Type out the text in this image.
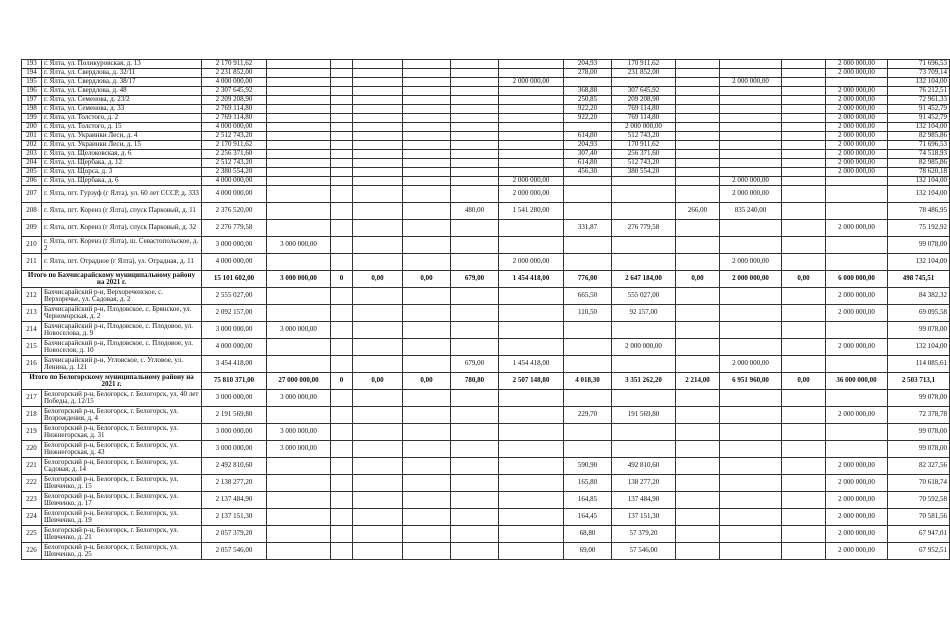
193	г. Ялта, ул. Поликуровская, д. 13	2 170 911,62							204,93	170 911,62				2 000 000,00	71 696,53
194	г. Ялта, ул. Свердлова, д. 32/11	2 231 852,00							278,00	231 852,00				2 000 000,00	73 709,14
195	г. Ялта, ул. Свердлова, д. 38/17	4 000 000,00						2 000 000,00				2 000 000,00			132 104,00
196	г. Ялта, ул. Свердлова, д. 48	2 307 645,92							368,88	307 645,92				2 000 000,00	76 212,51
197	г. Ялта, ул. Семенова, д. 23/2	2 209 208,90							250,85	209 208,90				2 000 000,00	72 961,33
198	г. Ялта, ул. Семенова, д. 33	2 769 114,80							922,20	769 114,80				2 000 000,00	91 452,79
199	г. Ялта, ул. Толстого, д. 2	2 769 114,80							922,20	769 114,80				2 000 000,00	91 452,79
200	г. Ялта, ул. Толстого, д. 15	4 000 000,00								2 000 000,00				2 000 000,00	132 104,00
201	г. Ялта, ул. Украинки Леси, д. 4	2 512 743,20							614,80	512 743,20				2 000 000,00	82 985,86
202	г. Ялта, ул. Украинки Леси, д. 15	2 170 911,62							204,93	170 911,62				2 000 000,00	71 696,53
203	г. Ялта, ул. Щелоковская, д. 6	2 256 371,60							307,40	256 371,60				2 000 000,00	74 518,93
204	г. Ялта, ул. Щербака, д. 12	2 512 743,20							614,80	512 743,20				2 000 000,00	82 985,86
205	г. Ялта, ул. Щорса, д. 3	2 380 554,20							456,30	380 554,20				2 000 000,00	78 620,18
206	г. Ялта, ул. Щербака, д. 6	4 000 000,00						2 000 000,00				2 000 000,00			132 104,00
207	г. Ялта, пгт. Гурзуф (г Ялта), ул. 60 лет СССР, д. 333	4 000 000,00						2 000 000,00				2 000 000,00			132 104,00
208	г. Ялта, пгт. Кореиз (г Ялта), спуск Парковый, д. 11	2 376 520,00					480,00	1 541 280,00			266,00	835 240,00			78 486,95
209	г. Ялта, пгт. Кореиз (г Ялта), спуск Парковый, д. 32	2 276 779,58							331,87	276 779,58				2 000 000,00	75 192,92
210	г. Ялта, пгт. Кореиз (г Ялта), ш. Севастопольское, д. 2	3 000 000,00	3 000 000,00												99 078,00
211	г. Ялта, пгт. Отрадное (г Ялта), ул. Отрадная, д. 11	4 000 000,00						2 000 000,00				2 000 000,00			132 104,00
Итого по Бахчисарайскому муниципальному району на 2021 г.		15 101 602,00	3 000 000,00	0	0,00	0,00	679,00	1 454 418,00	776,00	2 647 184,00	0,00	2 000 000,00	0,00	6 000 000,00	498 745,51
212	Бахчисарайский р-н, Верхореченское, с. Верхоречье, ул. Садовая, д. 2	2 555 027,00							665,50	555 027,00				2 000 000,00	84 382,32
213	Бахчисарайский р-н, Плодовское, с. Брянское, ул. Черноморская, д. 2	2 092 157,00							110,50	92 157,00				2 000 000,00	69 095,58
214	Бахчисарайский р-н, Плодовское, с. Плодовое, ул. Новоселова, д. 9	3 000 000,00	3 000 000,00												99 078,00
215	Бахчисарайский р-н, Плодовское, с. Плодовое, ул. Новоселов, д. 10	4 000 000,00								2 000 000,00				2 000 000,00	132 104,00
216	Бахчисарайский р-н, Угловское, с. Угловое, ул. Ленина, д. 121	3 454 418,00					679,00	1 454 418,00				2 000 000,00			114 085,61
Итого по Белогорскому муниципальному району на 2021 г.		75 810 371,00	27 000 000,00	0	0,00	0,00	780,80	2 507 148,80	4 018,30	3 351 262,20	2 214,00	6 951 960,00	0,00	36 000 000,00	2 503 713,1
217	Белогорский р-н, Белогорск, г. Белогорск, ул. 40 лет Победы, д. 12/15	3 000 000,00	3 000 000,00												99 078,00
218	Белогорский р-н, Белогорск, г. Белогорск, ул. Возрождения, д. 4	2 191 569,80							229,70	191 569,80				2 000 000,00	72 378,78
219	Белогорский р-н, Белогорск, г. Белогорск, ул. Нижнегорская, д. 31	3 000 000,00	3 000 000,00												99 078,00
220	Белогорский р-н, Белогорск, г. Белогорск, ул. Нижнегорская, д. 43	3 000 000,00	3 000 000,00												99 078,00
221	Белогорский р-н, Белогорск, г. Белогорск, ул. Садовая, д. 14	2 492 810,60							590,90	492 810,60				2 000 000,00	82 327,56
222	Белогорский р-н, Белогорск, г. Белогорск, ул. Шевченко, д. 15	2 138 277,20							165,80	138 277,20				2 000 000,00	70 618,74
223	Белогорский р-н, Белогорск, г. Белогорск, ул. Шевченко, д. 17	2 137 484,90							164,85	137 484,90				2 000 000,00	70 592,58
224	Белогорский р-н, Белогорск, г. Белогорск, ул. Шевченко, д. 19	2 137 151,30							164,45	137 151,30				2 000 000,00	70 581,56
225	Белогорский р-н, Белогорск, г. Белогорск, ул. Шевченко, д. 21	2 057 379,20							68,80	57 379,20				2 000 000,00	67 947,01
226	Белогорский р-н, Белогорск, г. Белогорск, ул. Шевченко, д. 25	2 057 546,00							69,00	57 546,00				2 000 000,00	67 952,51
